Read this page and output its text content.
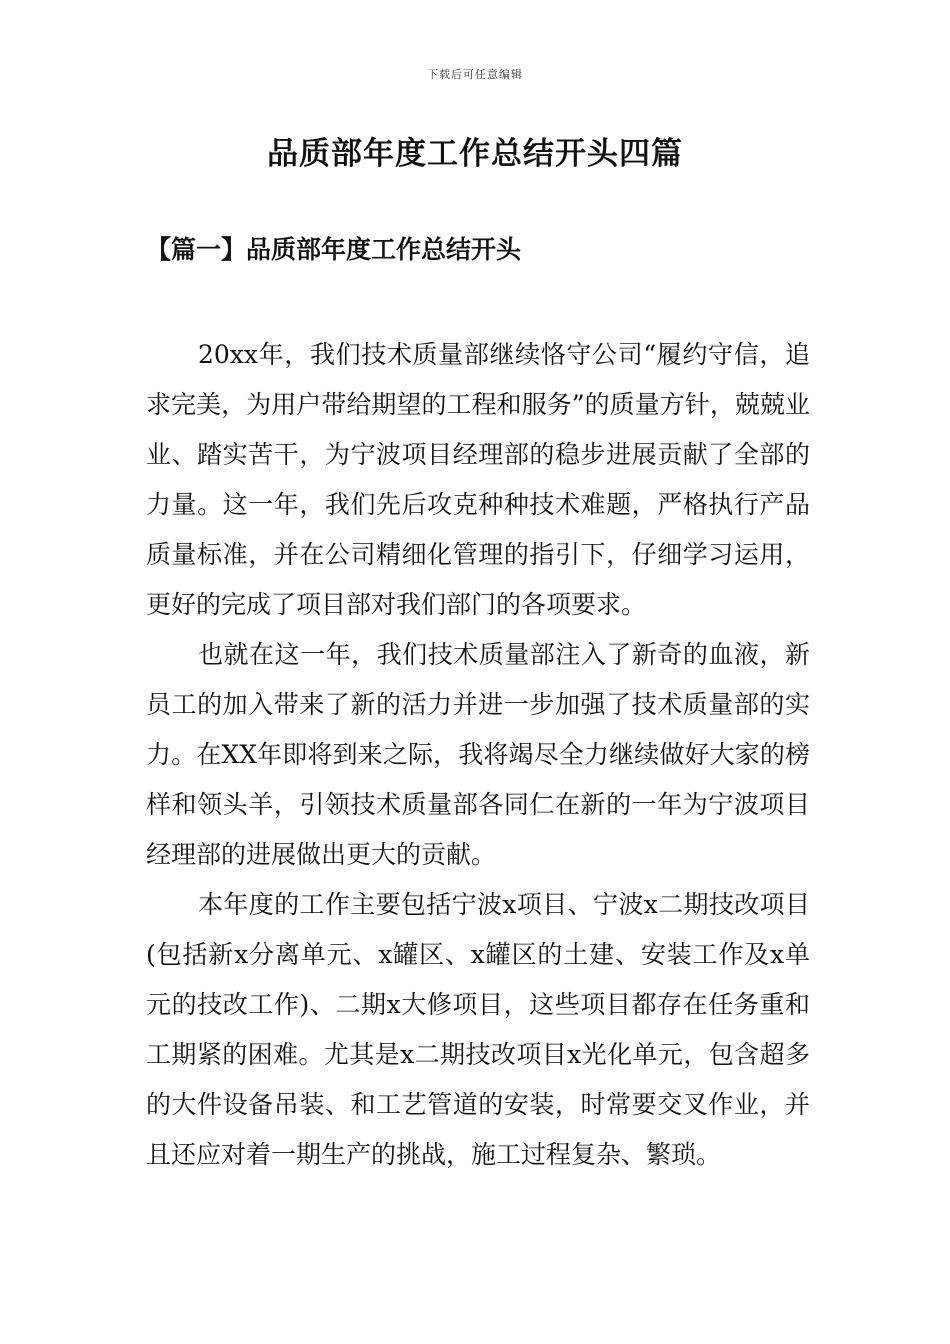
下载后可任意编辑
品质部年度工作总结开头四篇
【篇一】品质部年度工作总结开头

20xx年，我们技术质量部继续恪守公司“履约守信，追求完美，为用户带给期望的工程和服务”的质量方针，兢兢业业、踏实苦干，为宁波项目经理部的稳步进展贡献了全部的力量。这一年，我们先后攻克种种技术难题，严格执行产品质量标准，并在公司精细化管理的指引下，仔细学习运用，更好的完成了项目部对我们部门的各项要求。

也就在这一年，我们技术质量部注入了新奇的血液，新员工的加入带来了新的活力并进一步加强了技术质量部的实力。在XX年即将到来之际，我将竭尽全力继续做好大家的榜样和领头羊，引领技术质量部各同仁在新的一年为宁波项目经理部的进展做出更大的贡献。

本年度的工作主要包括宁波x项目、宁波x二期技改项目(包括新x分离单元、x罐区、x罐区的土建、安装工作及x单元的技改工作)、二期x大修项目，这些项目都存在任务重和工期紧的困难。尤其是x二期技改项目x光化单元，包含超多的大件设备吊装、和工艺管道的安装，时常要交叉作业，并且还应对着一期生产的挑战，施工过程复杂、繁琐。
